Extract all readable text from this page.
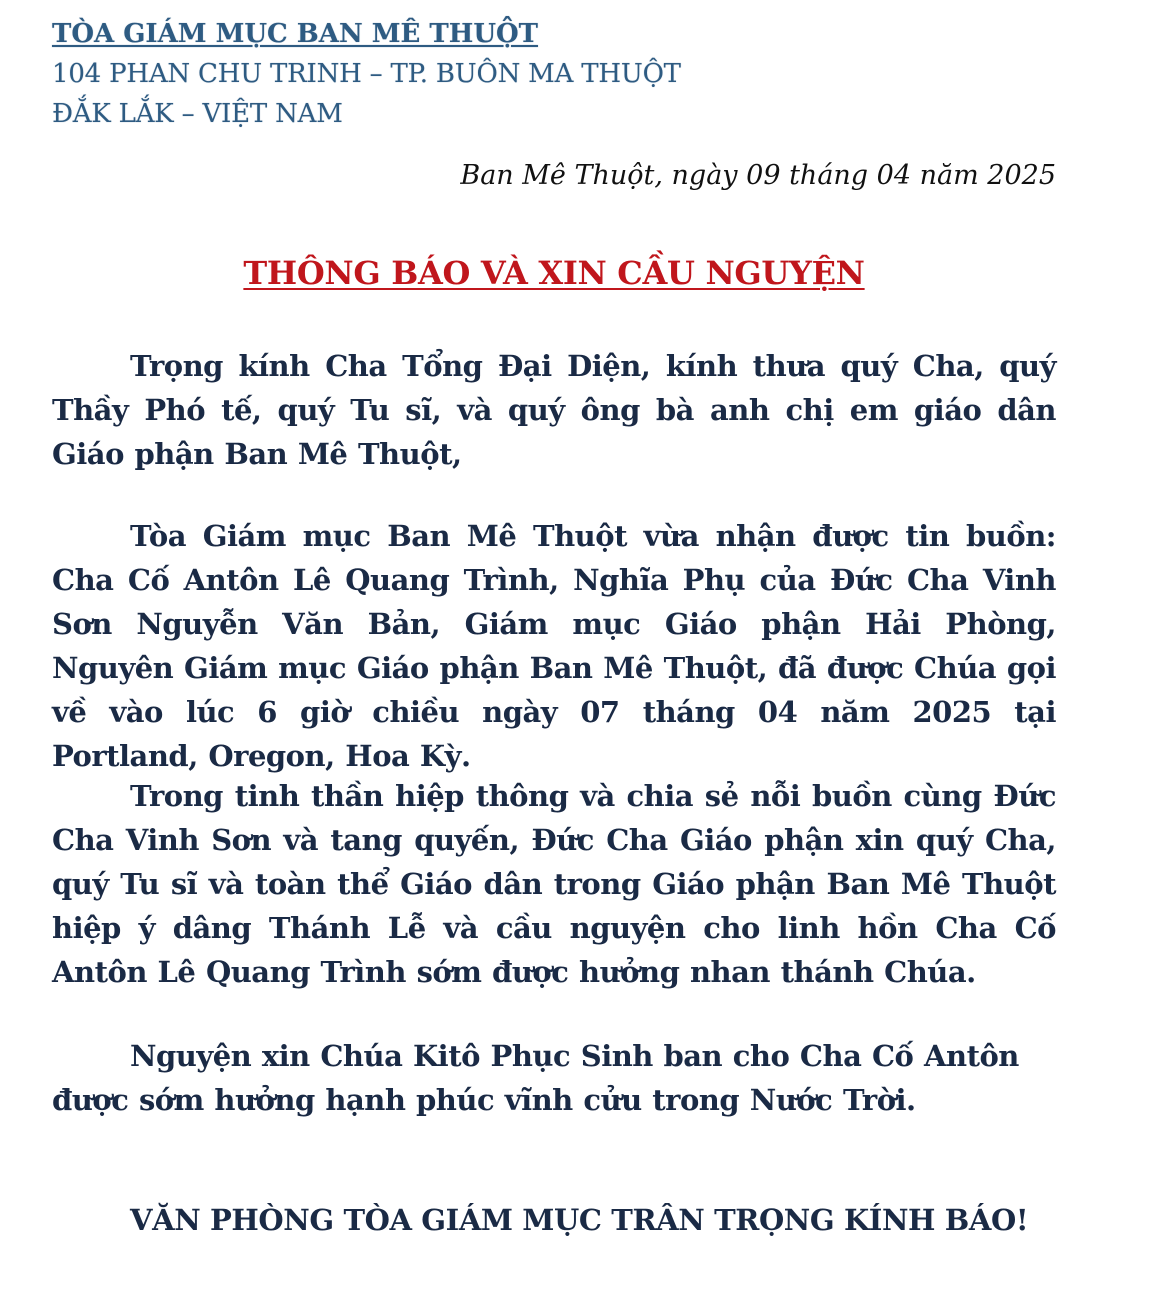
TÒA GIÁM MỤC BAN MÊ THUỘT
104 PHAN CHU TRINH – TP. BUÔN MA THUỘT
ĐẮK LẮK – VIỆT NAM
Ban Mê Thuột, ngày 09 tháng 04 năm 2025
THÔNG BÁO VÀ XIN CẦU NGUYỆN

Trọng kính Cha Tổng Đại Diện, kính thưa quý Cha, quý Thầy Phó tế, quý Tu sĩ, và quý ông bà anh chị em giáo dân Giáo phận Ban Mê Thuột,

Tòa Giám mục Ban Mê Thuột vừa nhận được tin buồn: Cha Cố Antôn Lê Quang Trình, Nghĩa Phụ của Đức Cha Vinh Sơn Nguyễn Văn Bản, Giám mục Giáo phận Hải Phòng, Nguyên Giám mục Giáo phận Ban Mê Thuột, đã được Chúa gọi về vào lúc 6 giờ chiều ngày 07 tháng 04 năm 2025 tại Portland, Oregon, Hoa Kỳ.

Trong tinh thần hiệp thông và chia sẻ nỗi buồn cùng Đức Cha Vinh Sơn và tang quyến, Đức Cha Giáo phận xin quý Cha, quý Tu sĩ và toàn thể Giáo dân trong Giáo phận Ban Mê Thuột hiệp ý dâng Thánh Lễ và cầu nguyện cho linh hồn Cha Cố Antôn Lê Quang Trình sớm được hưởng nhan thánh Chúa.

Nguyện xin Chúa Kitô Phục Sinh ban cho Cha Cố Antôn được sớm hưởng hạnh phúc vĩnh cửu trong Nước Trời.

VĂN PHÒNG TÒA GIÁM MỤC TRÂN TRỌNG KÍNH BÁO!
